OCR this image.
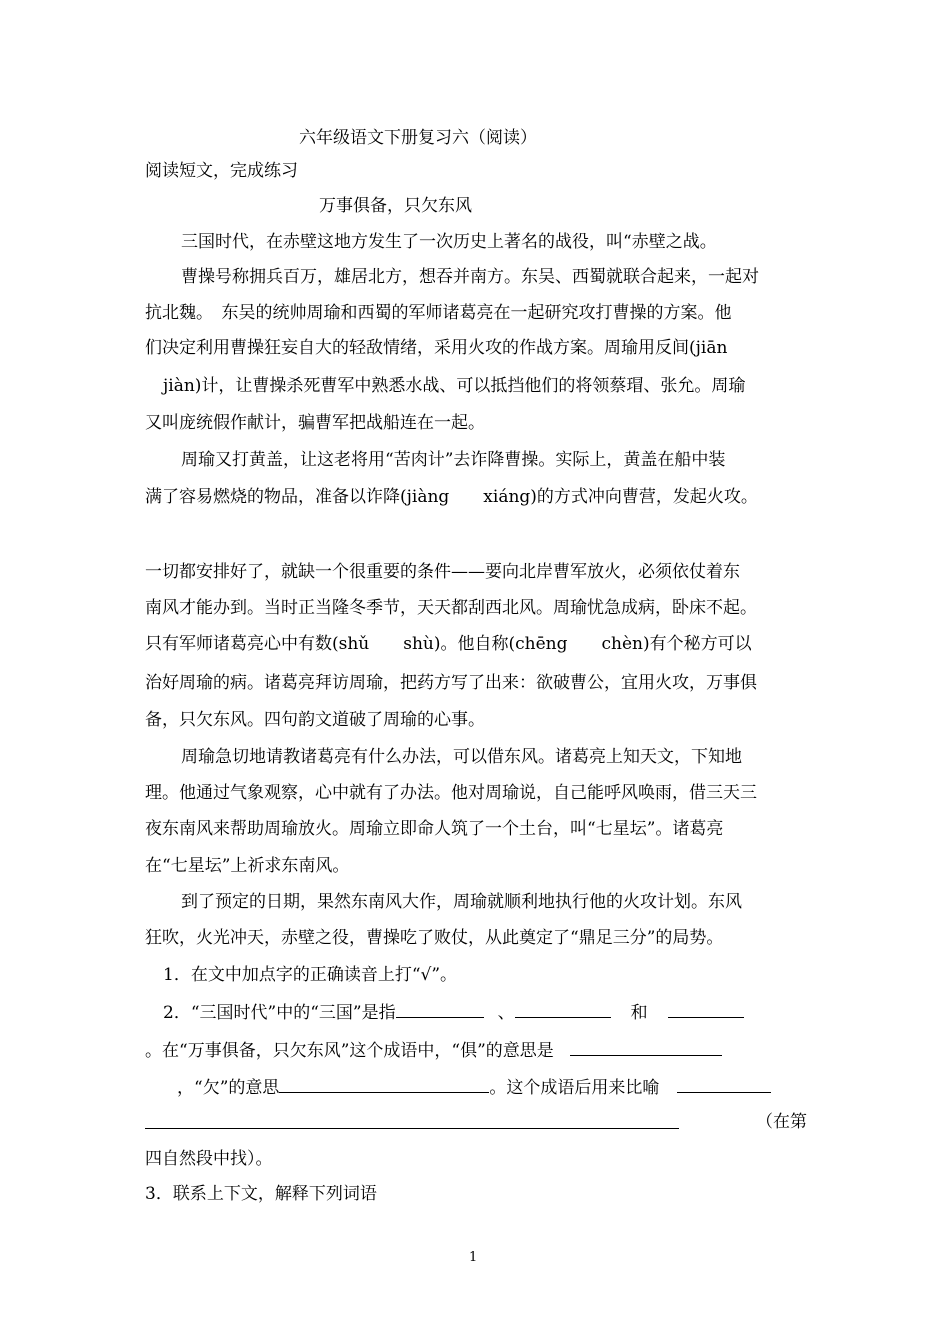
六年级语文下册复习六（阅读）
阅读短文，完成练习
万事俱备，只欠东风
三国时代，在赤壁这地方发生了一次历史上著名的战役，叫“赤壁之战。
曹操号称拥兵百万，雄居北方，想吞并南方。东吴、西蜀就联合起来，一起对
抗北魏。　东吴的统帅周瑜和西蜀的军师诸葛亮在一起研究攻打曹操的方案。他
们决定利用曹操狂妄自大的轻敌情绪，采用火攻的作战方案。周瑜用反间(jiān
jiàn)计，让曹操杀死曹军中熟悉水战、可以抵挡他们的将领蔡瑁、张允。周瑜
又叫庞统假作献计，骗曹军把战船连在一起。
周瑜又打黄盖，让这老将用“苦肉计”去诈降曹操。实际上，黄盖在船中装
满了容易燃烧的物品，准备以诈降(jiàng　　xiáng)的方式冲向曹营，发起火攻。
一切都安排好了，就缺一个很重要的条件——要向北岸曹军放火，必须依仗着东
南风才能办到。当时正当隆冬季节，天天都刮西北风。周瑜忧急成病，卧床不起。
只有军师诸葛亮心中有数(shǔ　　shù)。他自称(chēng　　chèn)有个秘方可以
治好周瑜的病。诸葛亮拜访周瑜，把药方写了出来：欲破曹公，宜用火攻，万事俱
备，只欠东风。四句韵文道破了周瑜的心事。
周瑜急切地请教诸葛亮有什么办法，可以借东风。诸葛亮上知天文，下知地
理。他通过气象观察，心中就有了办法。他对周瑜说，自己能呼风唤雨，借三天三
夜东南风来帮助周瑜放火。周瑜立即命人筑了一个土台，叫“七星坛”。诸葛亮
在“七星坛”上祈求东南风。
到了预定的日期，果然东南风大作，周瑜就顺利地执行他的火攻计划。东风
狂吹，火光冲天，赤壁之役，曹操吃了败仗，从此奠定了“鼎足三分”的局势。
1．在文中加点字的正确读音上打“√”。
2．“三国时代”中的“三国”是指	、	和
。在“万事俱备，只欠东风”这个成语中，“俱”的意思是
，“欠”的意思	。这个成语后用来比喻
（在第
四自然段中找）。
3．联系上下文，解释下列词语
1
